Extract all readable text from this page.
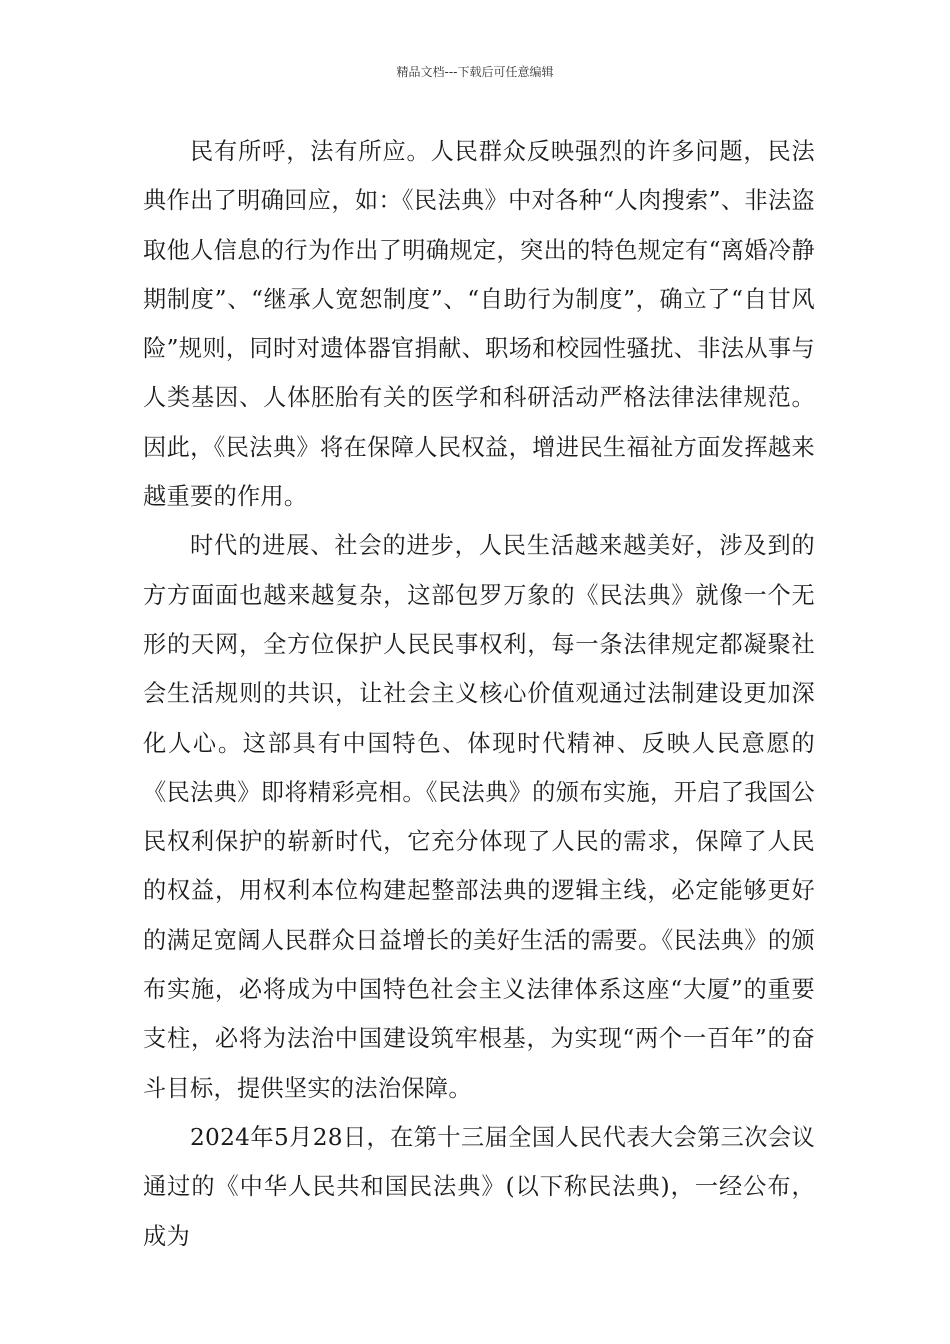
精品文档---下载后可任意编辑

民有所呼，法有所应。人民群众反映强烈的许多问题，民法典作出了明确回应，如：《民法典》中对各种“人肉搜索”、非法盗取他人信息的行为作出了明确规定，突出的特色规定有“离婚冷静期制度”、“继承人宽恕制度”、“自助行为制度”，确立了“自甘风险”规则，同时对遗体器官捐献、职场和校园性骚扰、非法从事与人类基因、人体胚胎有关的医学和科研活动严格法律法律规范。因此，《民法典》将在保障人民权益，增进民生福祉方面发挥越来越重要的作用。

时代的进展、社会的进步，人民生活越来越美好，涉及到的方方面面也越来越复杂，这部包罗万象的《民法典》就像一个无形的天网，全方位保护人民民事权利，每一条法律规定都凝聚社会生活规则的共识，让社会主义核心价值观通过法制建设更加深化人心。这部具有中国特色、体现时代精神、反映人民意愿的《民法典》即将精彩亮相。《民法典》的颁布实施，开启了我国公民权利保护的崭新时代，它充分体现了人民的需求，保障了人民的权益，用权利本位构建起整部法典的逻辑主线，必定能够更好的满足宽阔人民群众日益增长的美好生活的需要。《民法典》的颁布实施，必将成为中国特色社会主义法律体系这座“大厦”的重要支柱，必将为法治中国建设筑牢根基，为实现“两个一百年”的奋斗目标，提供坚实的法治保障。

2024年5月28日，在第十三届全国人民代表大会第三次会议通过的《中华人民共和国民法典》(以下称民法典)，一经公布，成为
